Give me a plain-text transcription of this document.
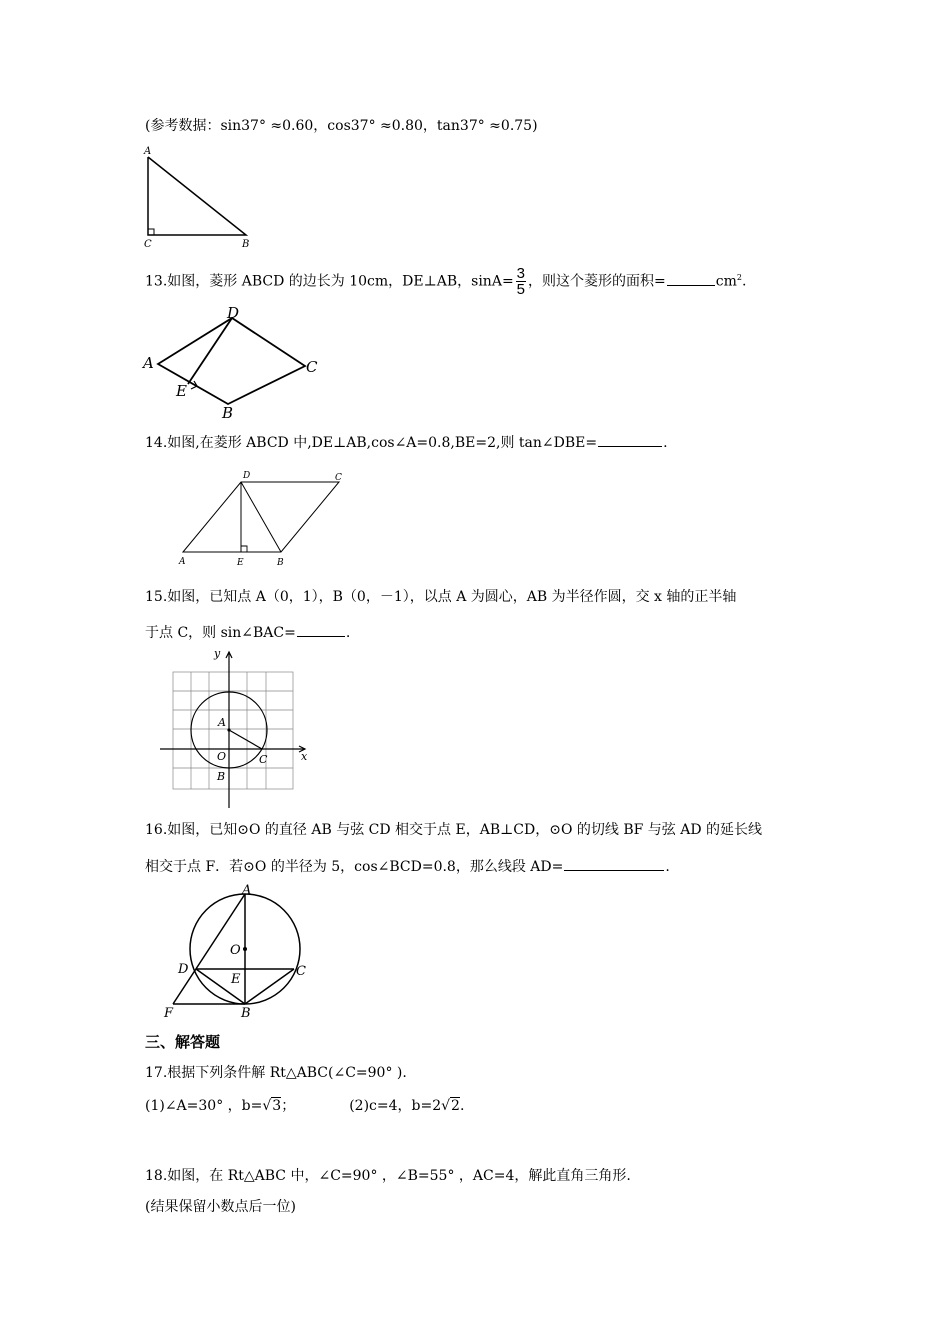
(参考数据：sin37° ≈0.60，cos37° ≈0.80，tan37° ≈0.75)
A
C	B
13.如图，菱形 ABCD 的边长为 10cm，DE⊥AB，$\sin A= \frac{3}{5}$ ，则这个菱形的面积=	$cm^2$.
A
D
C
E
B
14.如图,在菱形 ABCD 中,DE⊥AB,cos∠A=0.8,BE=2,则 tan∠DBE=	.
D	C
A	E	B
15.如图，已知点 A（0，1），B（0，－1），以点 A 为圆心，AB 为半径作圆，交 x 轴的正半轴
于点 C，则 sin∠BAC=	.
y
x
A
O
B
C
16.如图，已知⊙O 的直径 AB 与弦 CD 相交于点 E，AB⊥CD，⊙O 的切线 BF 与弦 AD 的延长线
相交于点 F．若⊙O 的半径为 5，cos∠BCD=0.8，那么线段 AD=	.
A
O
D
E
C
F	B
三、解答题
17.根据下列条件解 Rt△ABC(∠C=90° ).
(1)∠A=30° ，b=√3；	(2)c=4，b=2√2.
18.如图，在 Rt△ABC 中，∠C=90° ，∠B=55° ，AC=4，解此直角三角形.
(结果保留小数点后一位)
